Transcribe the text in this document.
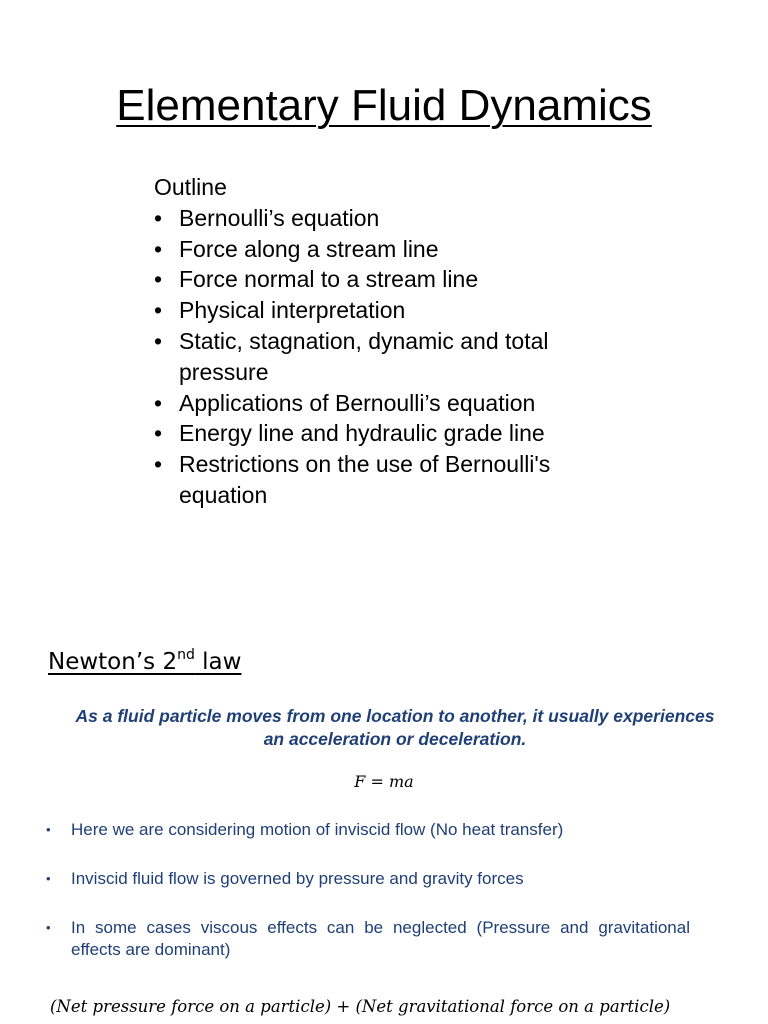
Elementary Fluid Dynamics
Outline
• Bernoulli’s equation
• Force along a stream line
• Force normal to a stream line
• Physical interpretation
• Static, stagnation, dynamic and total
pressure
• Applications of Bernoulli’s equation
• Energy line and hydraulic grade line
• Restrictions on the use of Bernoulli's
equation
Newton’s 2nd law
As a fluid particle moves from one location to another, it usually experiences
an acceleration or deceleration.
F = ma
• Here we are considering motion of inviscid flow (No heat transfer)
• Inviscid fluid flow is governed by pressure and gravity forces
• In some cases viscous effects can be neglected (Pressure and gravitational effects are dominant)
(Net pressure force on a particle) + (Net gravitational force on a particle)
